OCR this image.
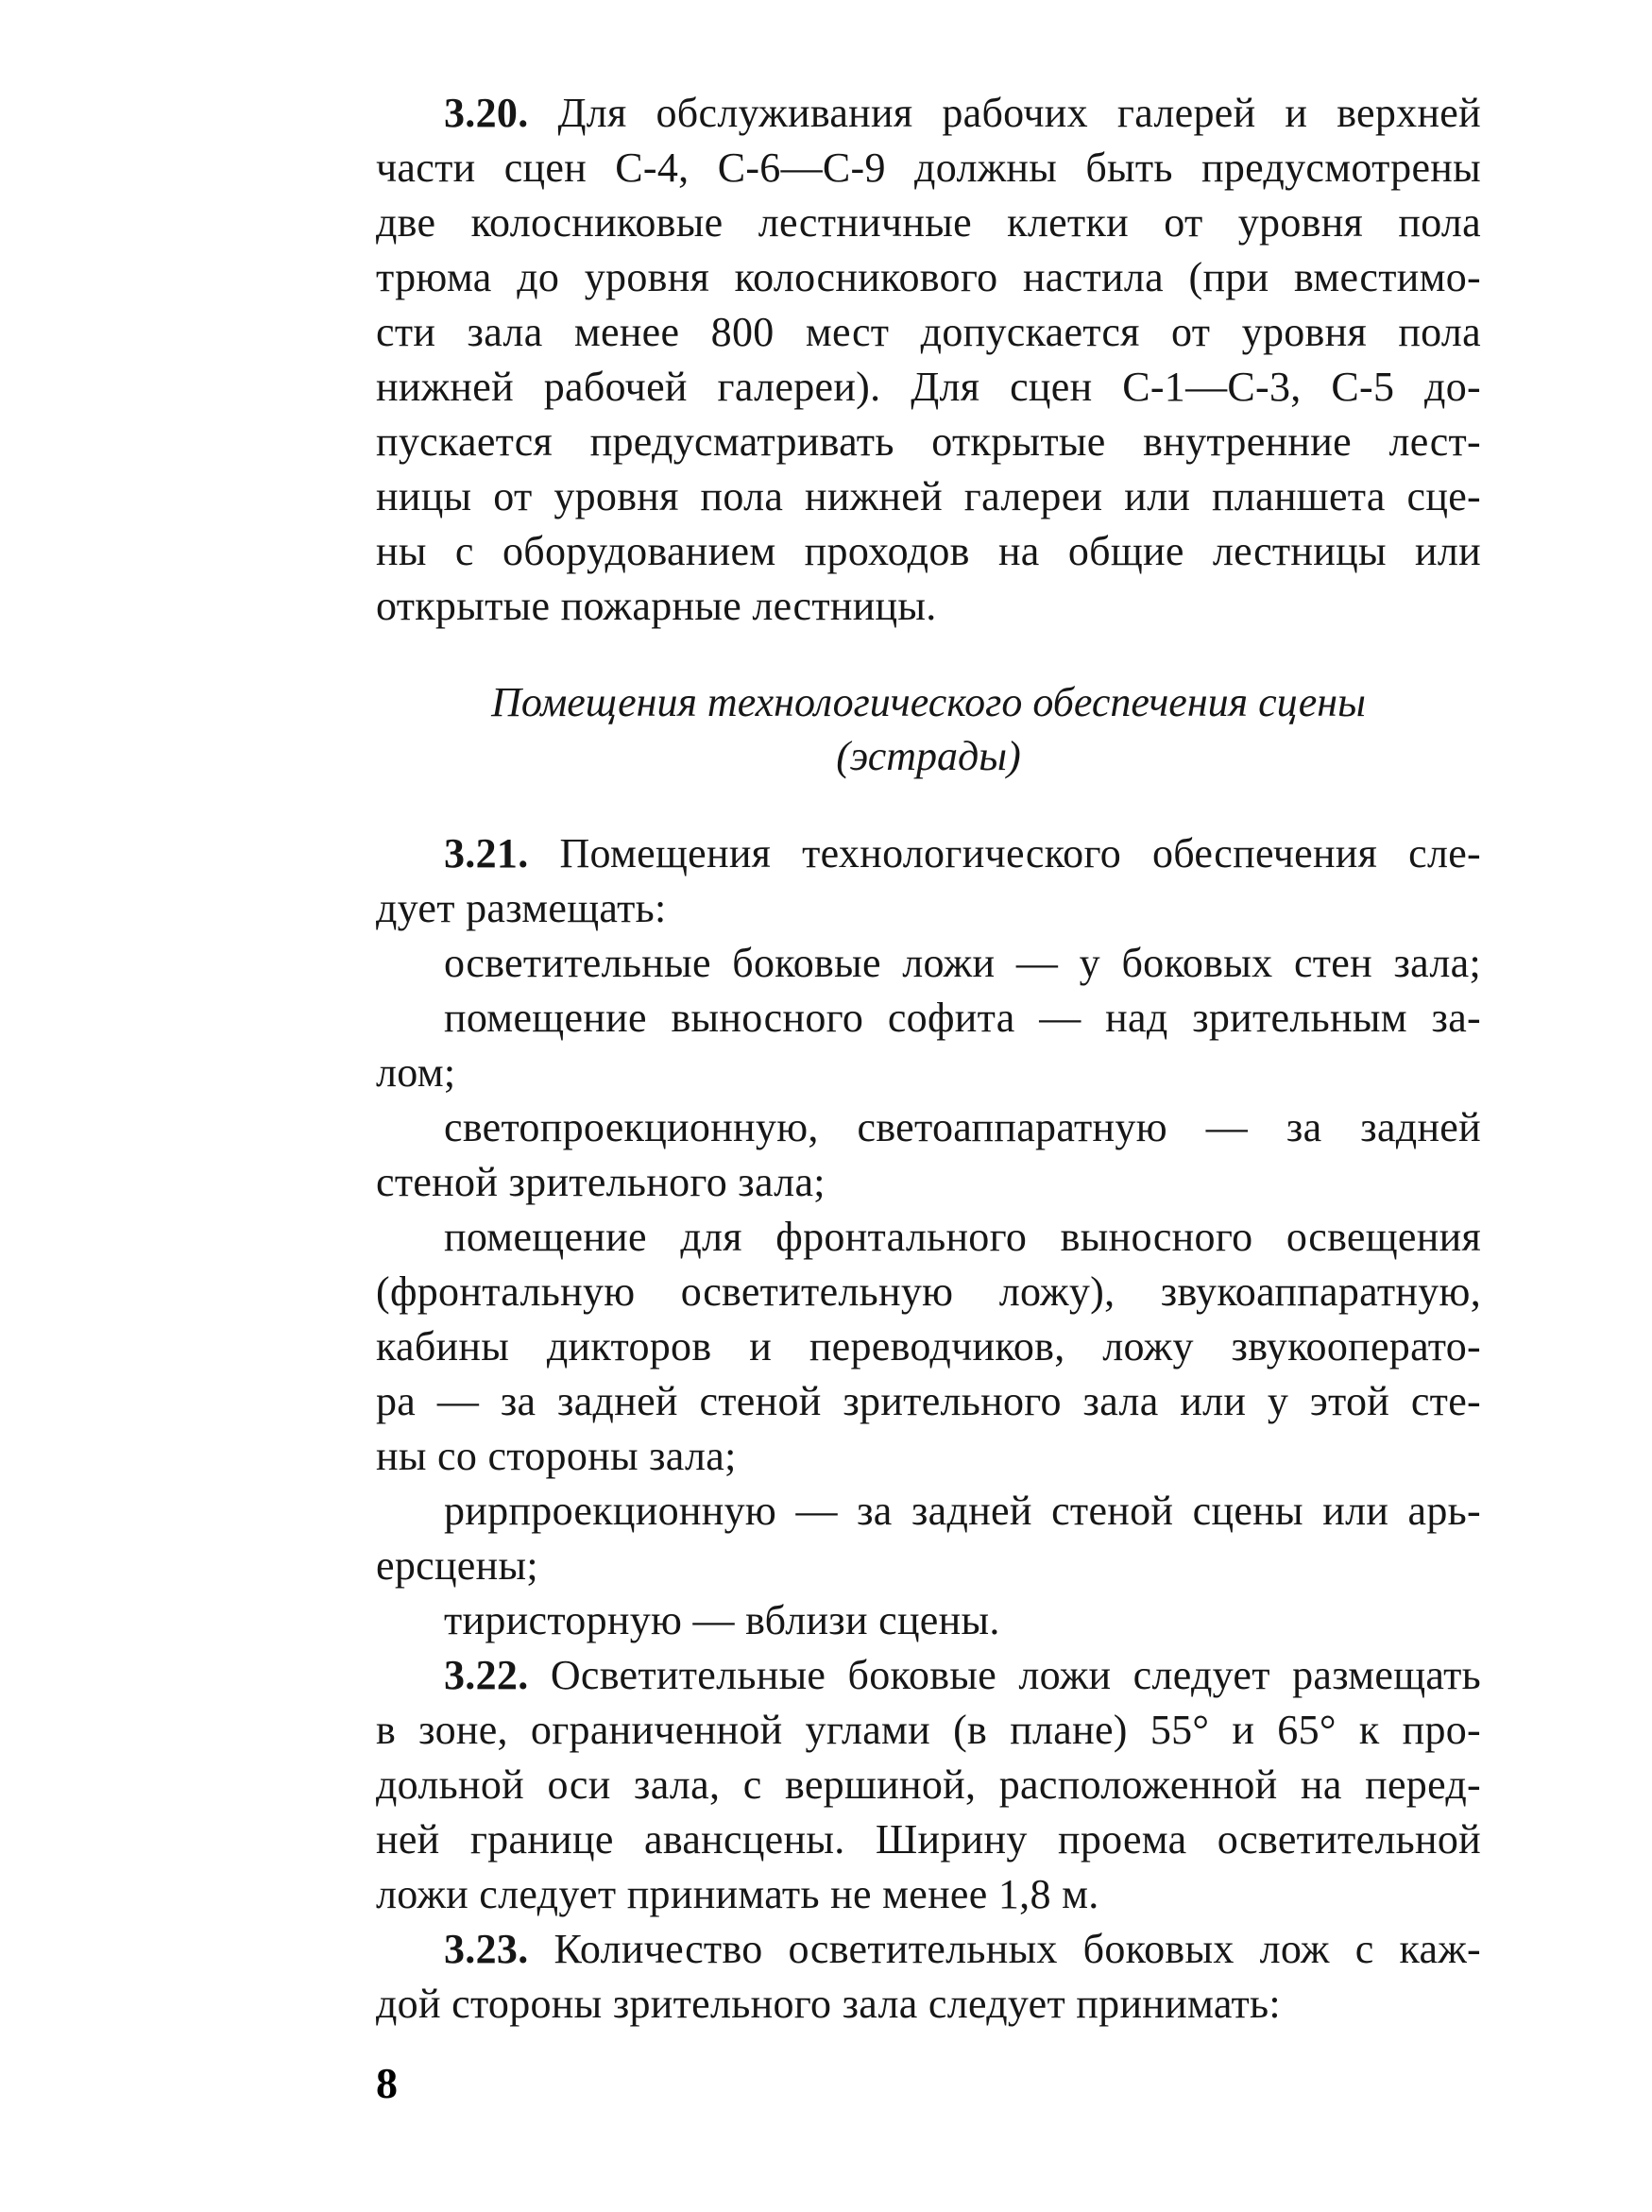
3.20. Для обслуживания рабочих галерей и верхней
части сцен С-4, С-6—С-9 должны быть предусмотрены
две колосниковые лестничные клетки от уровня пола
трюма до уровня колосникового настила (при вместимо-
сти зала менее 800 мест допускается от уровня пола
нижней рабочей галереи). Для сцен С-1—С-3, С-5 до-
пускается предусматривать открытые внутренние лест-
ницы от уровня пола нижней галереи или планшета сце-
ны с оборудованием проходов на общие лестницы или
открытые пожарные лестницы.
Помещения технологического обеспечения сцены
(эстрады)
3.21. Помещения технологического обеспечения сле-
дует размещать:
осветительные боковые ложи — у боковых стен зала;
помещение выносного софита — над зрительным за-
лом;
светопроекционную, светоаппаратную — за задней
стеной зрительного зала;
помещение для фронтального выносного освещения
(фронтальную осветительную ложу), звукоаппаратную,
кабины дикторов и переводчиков, ложу звукооперато-
ра — за задней стеной зрительного зала или у этой сте-
ны со стороны зала;
рирпроекционную — за задней стеной сцены или арь-
ерсцены;
тиристорную — вблизи сцены.
3.22. Осветительные боковые ложи следует размещать
в зоне, ограниченной углами (в плане) 55° и 65° к про-
дольной оси зала, с вершиной, расположенной на перед-
ней границе авансцены. Ширину проема осветительной
ложи следует принимать не менее 1,8 м.
3.23. Количество осветительных боковых лож с каж-
дой стороны зрительного зала следует принимать:
8
